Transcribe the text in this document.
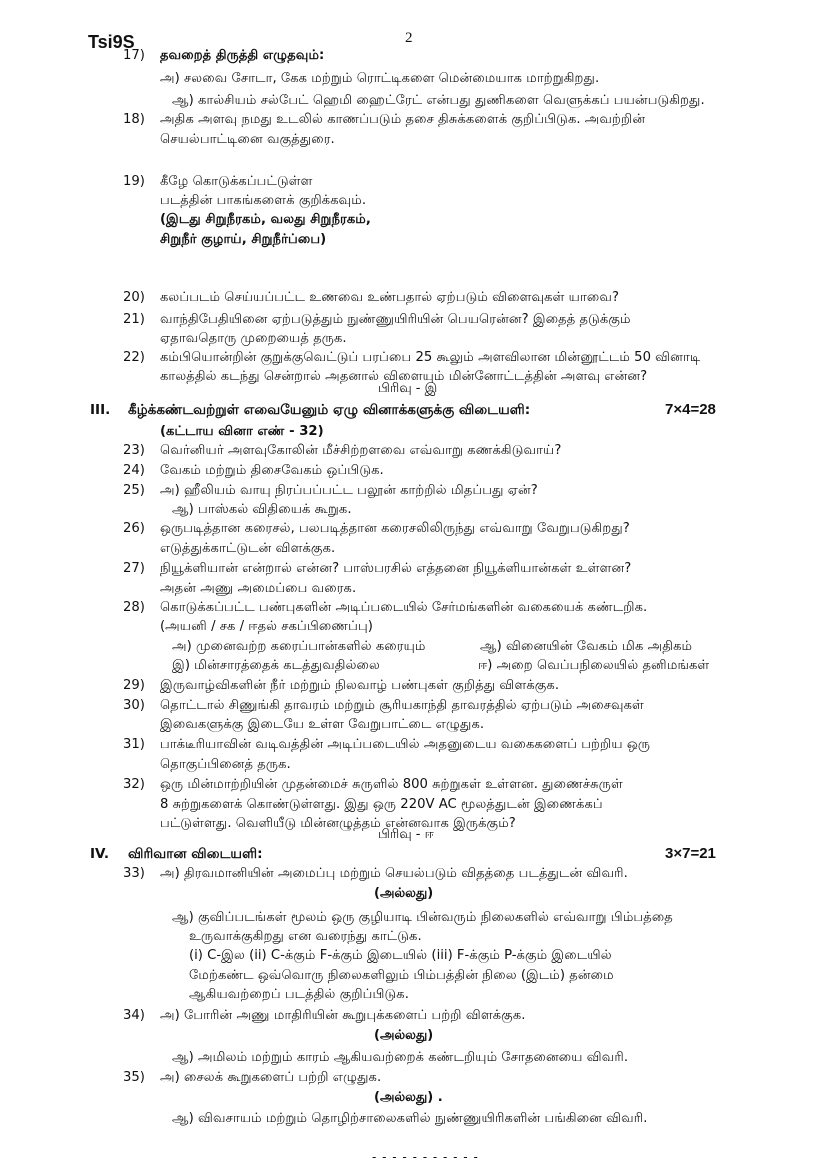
Tsi9S	2
17) தவறைத் திருத்தி எழுதவும்:
அ) சலவை சோடா, கேக மற்றும் ரொட்டிகளை மென்மையாக மாற்றுகிறது.
ஆ) கால்சியம் சல்பேட் ஹெமி ஹைட்ரேட் என்பது துணிகளை வெளுக்கப் பயன்படுகிறது.
18) அதிக அளவு நமது உடலில் காணப்படும் தசை திசுக்களைக் குறிப்பிடுக. அவற்றின்
செயல்பாட்டினை வகுத்துரை.
19) கீழே கொடுக்கப்பட்டுள்ள
படத்தின் பாகங்களைக் குறிக்கவும்.
(இடது சிறுநீரகம், வலது சிறுநீரகம்,
சிறுநீர் குழாய், சிறுநீர்ப்பை)
20) கலப்படம் செய்யப்பட்ட உணவை உண்பதால் ஏற்படும் விளைவுகள் யாவை?
21) வாந்திபேதியினை ஏற்படுத்தும் நுண்ணுயிரியின் பெயரென்ன? இதைத் தடுக்கும்
ஏதாவதொரு முறையைத் தருக.
22) கம்பியொன்றின் குறுக்குவெட்டுப் பரப்பை 25 கூலும் அளவிலான மின்னூட்டம் 50 வினாடி
காலத்தில் கடந்து சென்றால் அதனால் விளையும் மின்னோட்டத்தின் அளவு என்ன?
(கட்டாய வினா எண் - 32)
23) வெர்னியர் அளவுகோலின் மீச்சிற்றளவை எவ்வாறு கணக்கிடுவாய்?
24) வேகம் மற்றும் திசைவேகம் ஒப்பிடுக.
25) அ) ஹீலியம் வாயு நிரப்பப்பட்ட பலூன் காற்றில் மிதப்பது ஏன்?
ஆ) பாஸ்கல் விதியைக் கூறுக.
26) ஒருபடித்தான கரைசல், பலபடித்தான கரைசலிலிருந்து எவ்வாறு வேறுபடுகிறது?
எடுத்துக்காட்டுடன் விளக்குக.
27) நியூக்ளியான் என்றால் என்ன? பாஸ்பரசில் எத்தனை நியூக்ளியான்கள் உள்ளன?
அதன் அணு அமைப்பை வரைக.
28) கொடுக்கப்பட்ட பண்புகளின் அடிப்படையில் சேர்மங்களின் வகையைக் கண்டறிக.
(அயனி / சக / ஈதல் சகப்பிணைப்பு)
அ) முனைவற்ற கரைப்பான்களில் கரையும்	ஆ) வினையின் வேகம் மிக அதிகம்
இ) மின்சாரத்தைக் கடத்துவதில்லை	ஈ) அறை வெப்பநிலையில் தனிமங்கள்
29) இருவாழ்விகளின் நீர் மற்றும் நிலவாழ் பண்புகள் குறித்து விளக்குக.
30) தொட்டால் சிணுங்கி தாவரம் மற்றும் சூரியகாந்தி தாவரத்தில் ஏற்படும் அசைவுகள்
இவைகளுக்கு இடையே உள்ள வேறுபாட்டை எழுதுக.
31) பாக்டீரியாவின் வடிவத்தின் அடிப்படையில் அதனுடைய வகைகளைப் பற்றிய ஒரு
தொகுப்பினைத் தருக.
32) ஒரு மின்மாற்றியின் முதன்மைச் சுருளில் 800 சுற்றுகள் உள்ளன. துணைச்சுருள்
8 சுற்றுகளைக் கொண்டுள்ளது. இது ஒரு 220V AC மூலத்துடன் இணைக்கப்
பட்டுள்ளது. வெளியீடு மின்னழுத்தம் என்னவாக இருக்கும்?
33) அ) திரவமானியின் அமைப்பு மற்றும் செயல்படும் விதத்தை படத்துடன் விவரி.
ஆ) குவிப்படங்கள் மூலம் ஒரு குழியாடி பின்வரும் நிலைகளில் எவ்வாறு பிம்பத்தை
உருவாக்குகிறது என வரைந்து காட்டுக.
(i) C-இல (ii) C-க்கும் F-க்கும் இடையில் (iii) F-க்கும் P-க்கும் இடையில்
மேற்கண்ட ஒவ்வொரு நிலைகளிலும் பிம்பத்தின் நிலை (இடம்) தன்மை
ஆகியவற்றைப் படத்தில் குறிப்பிடுக.
34) அ) போரின் அணு மாதிரியின் கூறுபுக்களைப் பற்றி விளக்குக.
ஆ) அமிலம் மற்றும் காரம் ஆகியவற்றைக் கண்டறியும் சோதனையை விவரி.
35) அ) சைலக் கூறுகளைப் பற்றி எழுதுக.
ஆ) விவசாயம் மற்றும் தொழிற்சாலைகளில் நுண்ணுயிரிகளின் பங்கினை விவரி.
III. கீழ்க்கண்டவற்றுள் எவையேனும் ஏழு வினாக்களுக்கு விடையளி:	7×4=28
IV. விரிவான விடையளி:	3×7=21
பிரிவு - இ
பிரிவு - ஈ
(அல்லது)
(அல்லது)
(அல்லது) .
- - - - - - - - - - -
